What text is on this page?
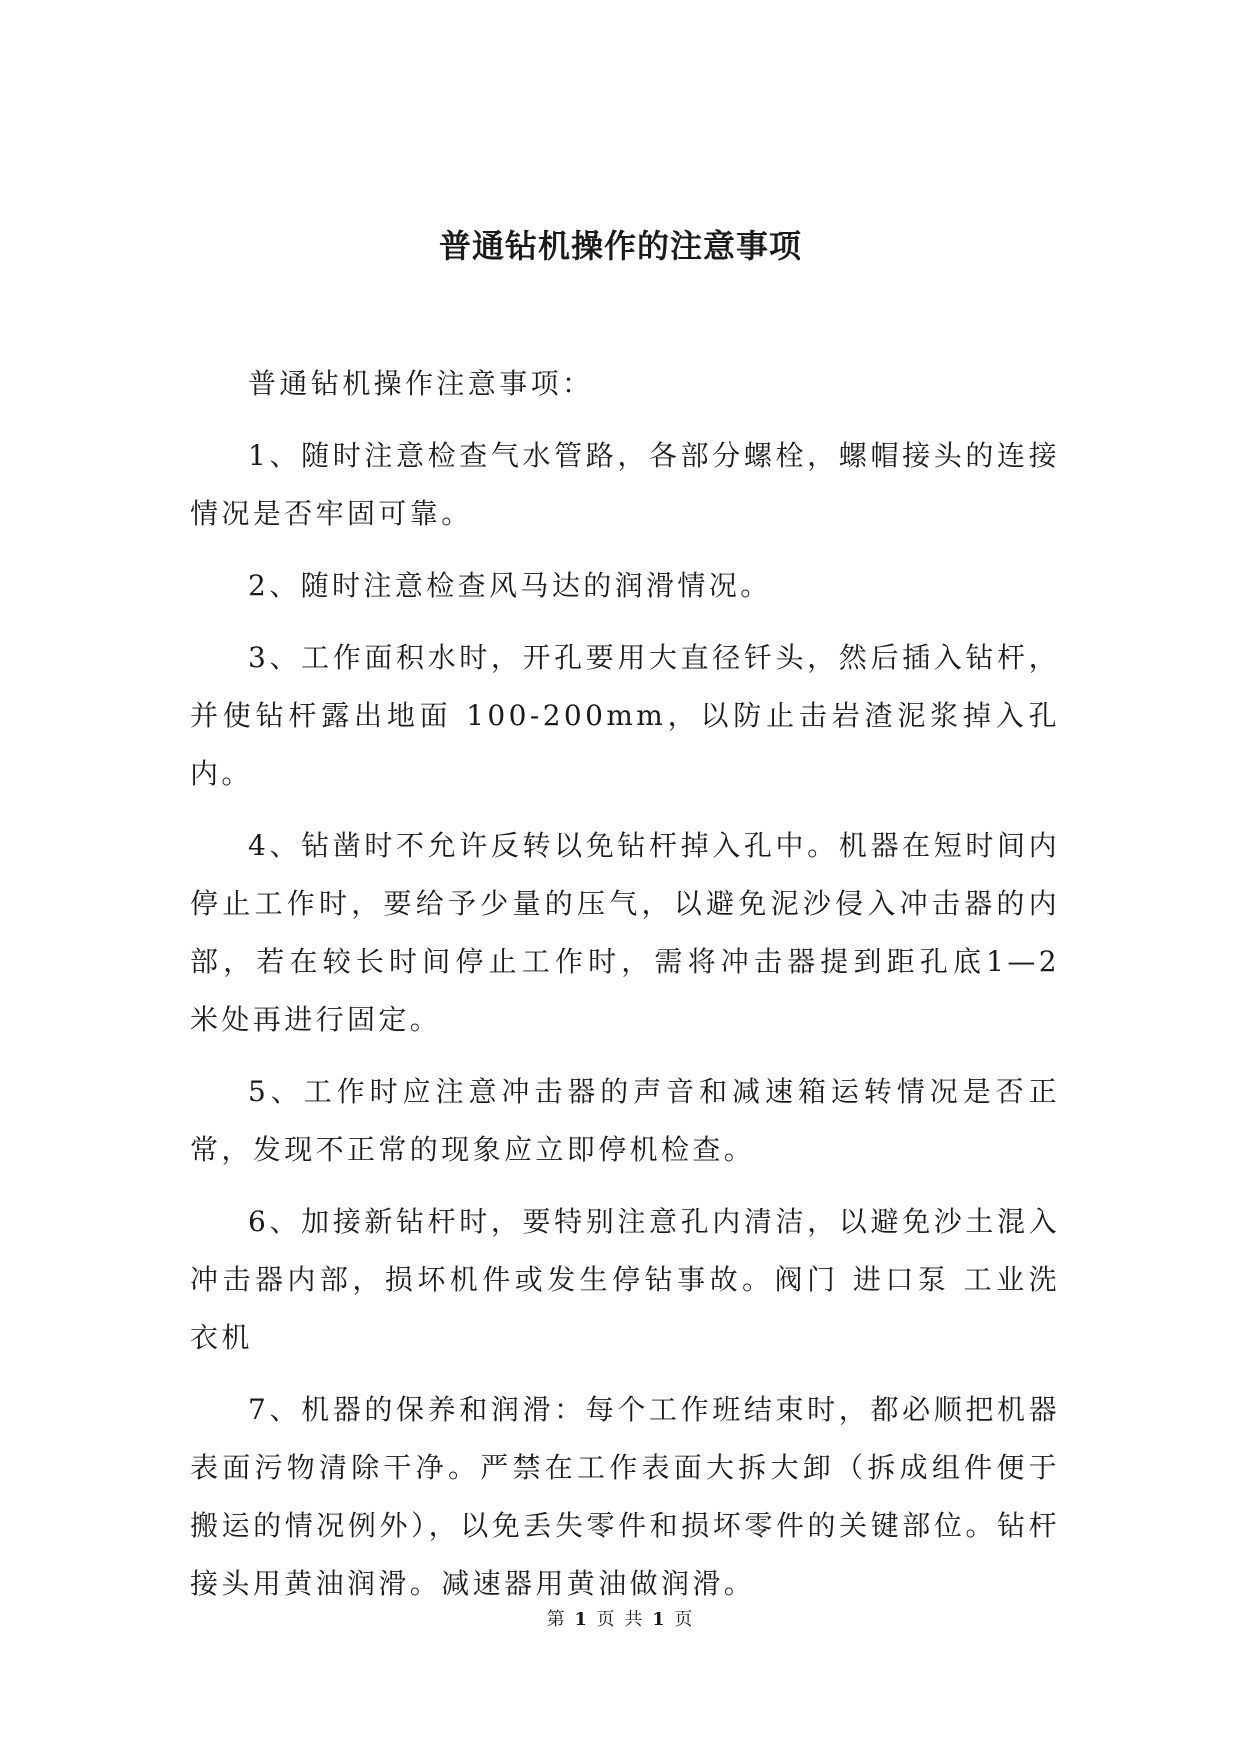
普通钻机操作的注意事项

普通钻机操作注意事项：

1、随时注意检查气水管路，各部分螺栓，螺帽接头的连接情况是否牢固可靠。

2、随时注意检查风马达的润滑情况。

3、工作面积水时，开孔要用大直径钎头，然后插入钻杆，并使钻杆露出地面 100-200mm，以防止击岩渣泥浆掉入孔内。

4、钻凿时不允许反转以免钻杆掉入孔中。机器在短时间内停止工作时，要给予少量的压气，以避免泥沙侵入冲击器的内部，若在较长时间停止工作时，需将冲击器提到距孔底1—2 米处再进行固定。

5、工作时应注意冲击器的声音和减速箱运转情况是否正常，发现不正常的现象应立即停机检查。

6、加接新钻杆时，要特别注意孔内清洁，以避免沙土混入冲击器内部，损坏机件或发生停钻事故。阀门 进口泵 工业洗衣机

7、机器的保养和润滑：每个工作班结束时，都必顺把机器表面污物清除干净。严禁在工作表面大拆大卸（拆成组件便于搬运的情况例外），以免丢失零件和损坏零件的关键部位。钻杆接头用黄油润滑。减速器用黄油做润滑。

第 1 页 共 1 页
